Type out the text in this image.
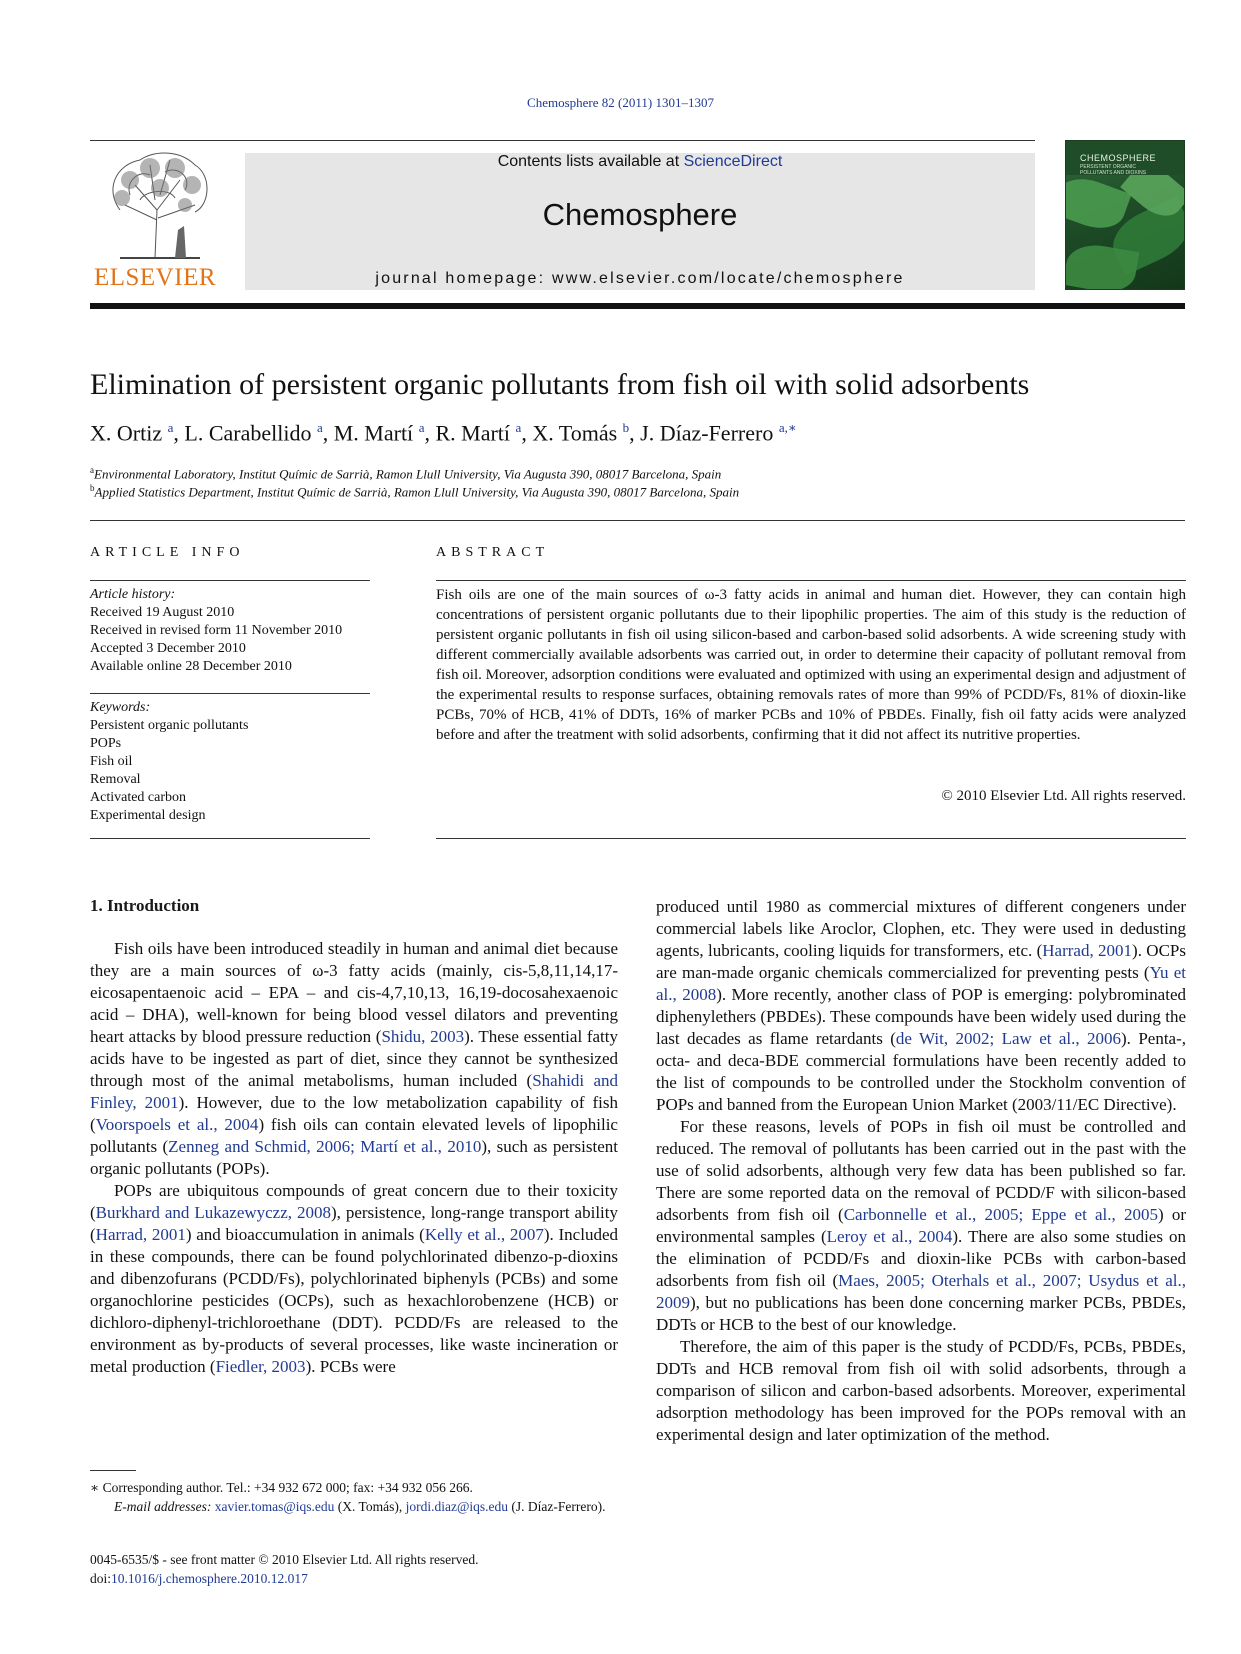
Chemosphere 82 (2011) 1301–1307
ELSEVIER
Contents lists available at ScienceDirect
Chemosphere
journal homepage: www.elsevier.com/locate/chemosphere
CHEMOSPHERE
PERSISTENT ORGANIC
POLLUTANTS AND DIOXINS
Elimination of persistent organic pollutants from fish oil with solid adsorbents
X. Ortiz $^a$, L. Carabellido $^a$, M. Martí $^a$, R. Martí $^a$, X. Tomás $^b$, J. Díaz-Ferrero $^{a,∗}$
$^a$Environmental Laboratory, Institut Químic de Sarrià, Ramon Llull University, Via Augusta 390, 08017 Barcelona, Spain
$^b$Applied Statistics Department, Institut Químic de Sarrià, Ramon Llull University, Via Augusta 390, 08017 Barcelona, Spain
ARTICLE INFO
Article history:
Received 19 August 2010
Received in revised form 11 November 2010
Accepted 3 December 2010
Available online 28 December 2010
Keywords:
Persistent organic pollutants
POPs
Fish oil
Removal
Activated carbon
Experimental design
ABSTRACT
Fish oils are one of the main sources of ω-3 fatty acids in animal and human diet. However, they can contain high concentrations of persistent organic pollutants due to their lipophilic properties. The aim of this study is the reduction of persistent organic pollutants in fish oil using silicon-based and carbon-based solid adsorbents. A wide screening study with different commercially available adsorbents was carried out, in order to determine their capacity of pollutant removal from fish oil. Moreover, adsorption conditions were evaluated and optimized with using an experimental design and adjustment of the experimental results to response surfaces, obtaining removals rates of more than 99% of PCDD/Fs, 81% of dioxin-like PCBs, 70% of HCB, 41% of DDTs, 16% of marker PCBs and 10% of PBDEs. Finally, fish oil fatty acids were analyzed before and after the treatment with solid adsorbents, confirming that it did not affect its nutritive properties.
© 2010 Elsevier Ltd. All rights reserved.
1. Introduction

Fish oils have been introduced steadily in human and animal diet because they are a main sources of ω-3 fatty acids (mainly, cis-5,8,11,14,17-eicosapentaenoic acid – EPA – and cis-4,7,10,13, 16,19-docosahexaenoic acid – DHA), well-known for being blood vessel dilators and preventing heart attacks by blood pressure reduction (Shidu, 2003). These essential fatty acids have to be ingested as part of diet, since they cannot be synthesized through most of the animal metabolisms, human included (Shahidi and Finley, 2001). However, due to the low metabolization capability of fish (Voorspoels et al., 2004) fish oils can contain elevated levels of lipophilic pollutants (Zenneg and Schmid, 2006; Martí et al., 2010), such as persistent organic pollutants (POPs).

POPs are ubiquitous compounds of great concern due to their toxicity (Burkhard and Lukazewyczz, 2008), persistence, long-range transport ability (Harrad, 2001) and bioaccumulation in animals (Kelly et al., 2007). Included in these compounds, there can be found polychlorinated dibenzo-p-dioxins and dibenzofurans (PCDD/Fs), polychlorinated biphenyls (PCBs) and some organochlorine pesticides (OCPs), such as hexachlorobenzene (HCB) or dichloro-diphenyl-trichloroethane (DDT). PCDD/Fs are released to the environment as by-products of several processes, like waste incineration or metal production (Fiedler, 2003). PCBs were

produced until 1980 as commercial mixtures of different congeners under commercial labels like Aroclor, Clophen, etc. They were used in dedusting agents, lubricants, cooling liquids for transformers, etc. (Harrad, 2001). OCPs are man-made organic chemicals commercialized for preventing pests (Yu et al., 2008). More recently, another class of POP is emerging: polybrominated diphenylethers (PBDEs). These compounds have been widely used during the last decades as flame retardants (de Wit, 2002; Law et al., 2006). Penta-, octa- and deca-BDE commercial formulations have been recently added to the list of compounds to be controlled under the Stockholm convention of POPs and banned from the European Union Market (2003/11/EC Directive).

For these reasons, levels of POPs in fish oil must be controlled and reduced. The removal of pollutants has been carried out in the past with the use of solid adsorbents, although very few data has been published so far. There are some reported data on the removal of PCDD/F with silicon-based adsorbents from fish oil (Carbonnelle et al., 2005; Eppe et al., 2005) or environmental samples (Leroy et al., 2004). There are also some studies on the elimination of PCDD/Fs and dioxin-like PCBs with carbon-based adsorbents from fish oil (Maes, 2005; Oterhals et al., 2007; Usydus et al., 2009), but no publications has been done concerning marker PCBs, PBDEs, DDTs or HCB to the best of our knowledge.

Therefore, the aim of this paper is the study of PCDD/Fs, PCBs, PBDEs, DDTs and HCB removal from fish oil with solid adsorbents, through a comparison of silicon and carbon-based adsorbents. Moreover, experimental adsorption methodology has been improved for the POPs removal with an experimental design and later optimization of the method.

∗ Corresponding author. Tel.: +34 932 672 000; fax: +34 932 056 266.
E-mail addresses: xavier.tomas@iqs.edu (X. Tomás), jordi.diaz@iqs.edu (J. Díaz-Ferrero).
0045-6535/$ - see front matter © 2010 Elsevier Ltd. All rights reserved.
doi:10.1016/j.chemosphere.2010.12.017
